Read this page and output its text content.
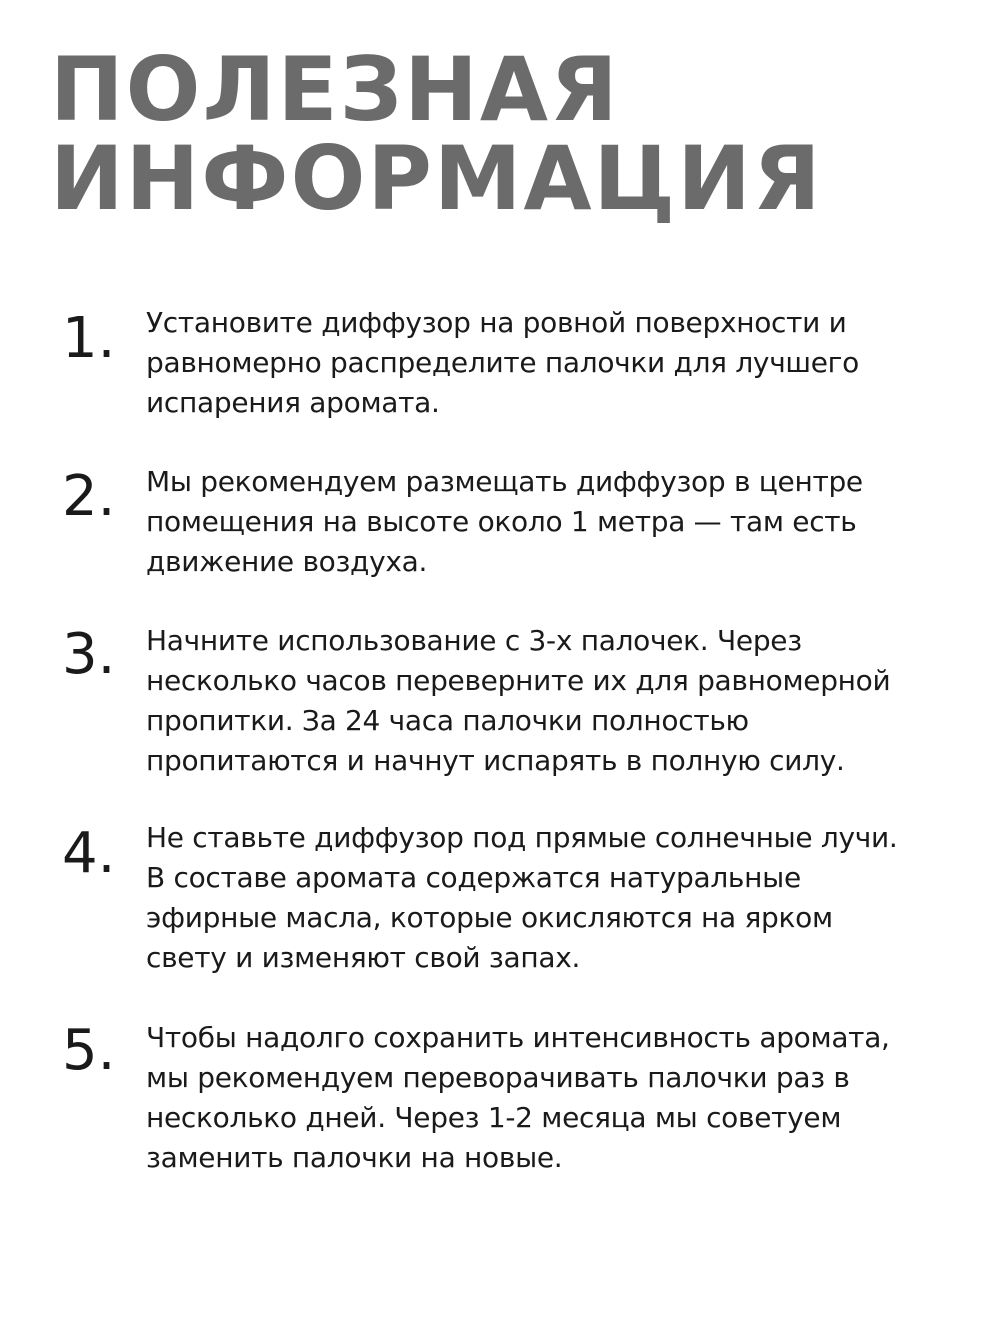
ПОЛЕЗНАЯ
ИНФОРМАЦИЯ
1. Установите диффузор на ровной поверхности и
равномерно распределите палочки для лучшего
испарения аромата.

2. Мы рекомендуем размещать диффузор в центре
помещения на высоте около 1 метра — там есть
движение воздуха.

3. Начните использование с 3-х палочек. Через
несколько часов переверните их для равномерной
пропитки. За 24 часа палочки полностью
пропитаются и начнут испарять в полную силу.

4. Не ставьте диффузор под прямые солнечные лучи.
В составе аромата содержатся натуральные
эфирные масла, которые окисляются на ярком
свету и изменяют свой запах.

5. Чтобы надолго сохранить интенсивность аромата,
мы рекомендуем переворачивать палочки раз в
несколько дней. Через 1-2 месяца мы советуем
заменить палочки на новые.
